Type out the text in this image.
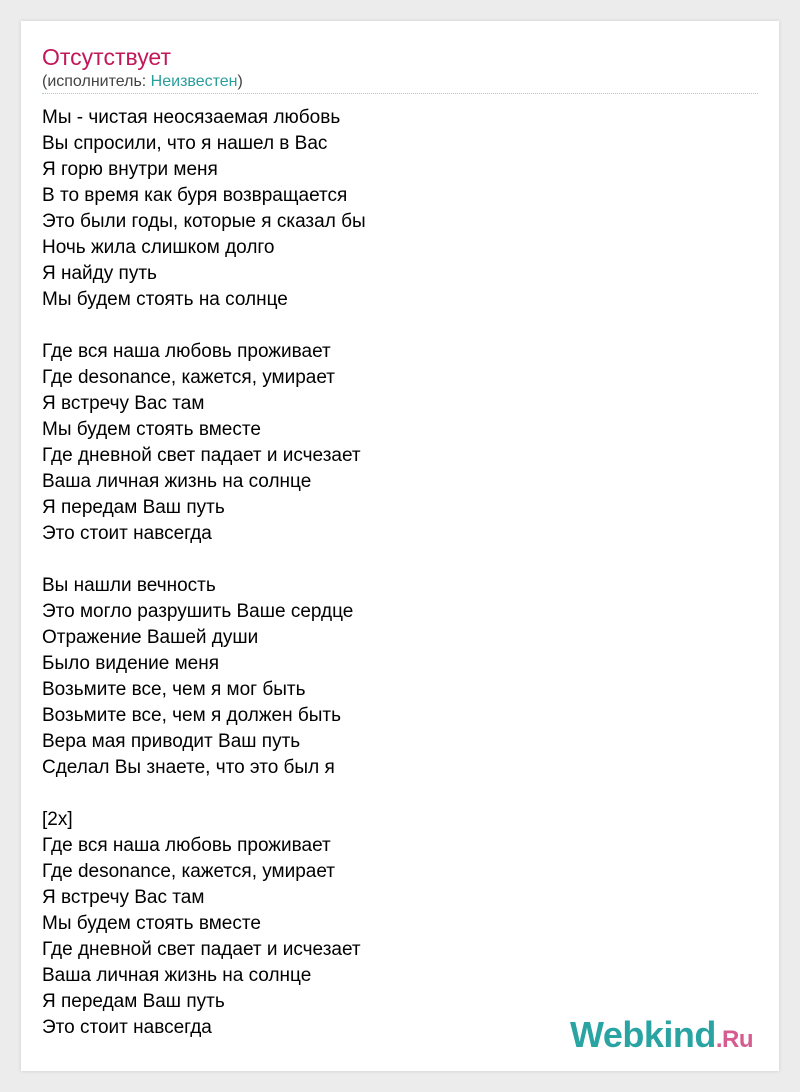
Отсутствует
(исполнитель: Неизвестен)
Мы - чистая неосязаемая любовь
Вы спросили, что я нашел в Вас
Я горю внутри меня
В то время как буря возвращается
Это были годы, которые я сказал бы
Ночь жила слишком долго
Я найду путь
Мы будем стоять на солнце
Где вся наша любовь проживает
Где desonance, кажется, умирает
Я встречу Вас там
Мы будем стоять вместе
Где дневной свет падает и исчезает
Ваша личная жизнь на солнце
Я передам Ваш путь
Это стоит навсегда
Вы нашли вечность
Это могло разрушить Ваше сердце
Отражение Вашей души
Было видение меня
Возьмите все, чем я мог быть
Возьмите все, чем я должен быть
Вера мая приводит Ваш путь
Сделал Вы знаете, что это был я
[2x]
Где вся наша любовь проживает
Где desonance, кажется, умирает
Я встречу Вас там
Мы будем стоять вместе
Где дневной свет падает и исчезает
Ваша личная жизнь на солнце
Я передам Ваш путь
Это стоит навсегда	Webkind.Ru
тексты песен
